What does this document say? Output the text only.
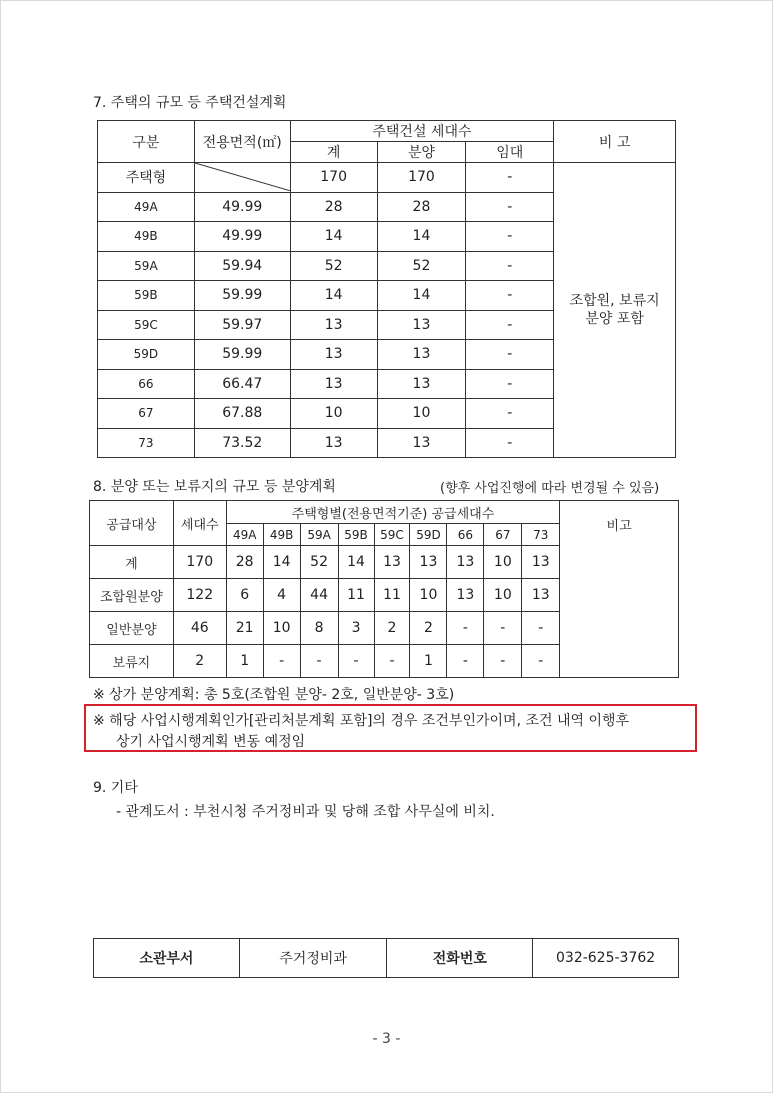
7. 주택의 규모 등 주택건설계획
구분	전용면적(㎡)	주택건설 세대수			비 고
		계	분양	임대	
주택형		170	170	-	조합원, 보류지
분양 포함

49A	49.99	28	28	-	
49B	49.99	14	14	-	
59A	59.94	52	52	-	
59B	59.99	14	14	-	
59C	59.97	13	13	-	
59D	59.99	13	13	-	
66	66.47	13	13	-	
67	67.88	10	10	-	
73	73.52	13	13	-	
8. 분양 또는 보류지의 규모 등 분양계획	(향후 사업진행에 따라 변경될 수 있음)
공급대상	세대수	주택형별(전용면적기준) 공급세대수									비고
		49A	49B	59A	59B	59C	59D	66	67	73	
계	170	28	14	52	14	13	13	13	10	13	
조합원분양	122	6	4	44	11	11	10	13	10	13	
일반분양	46	21	10	8	3	2	2	-	-	-	
보류지	2	1	-	-	-	-	1	-	-	-	
※ 상가 분양계획: 총 5호(조합원 분양- 2호, 일반분양- 3호)
※ 해당 사업시행계획인가[관리처분계획 포함]의 경우 조건부인가이며, 조건 내역 이행후
상기 사업시행계획 변동 예정임
9. 기타
- 관계도서 : 부천시청 주거정비과 및 당해 조합 사무실에 비치.
소관부서	주거정비과	전화번호	032-625-3762
- 3 -
